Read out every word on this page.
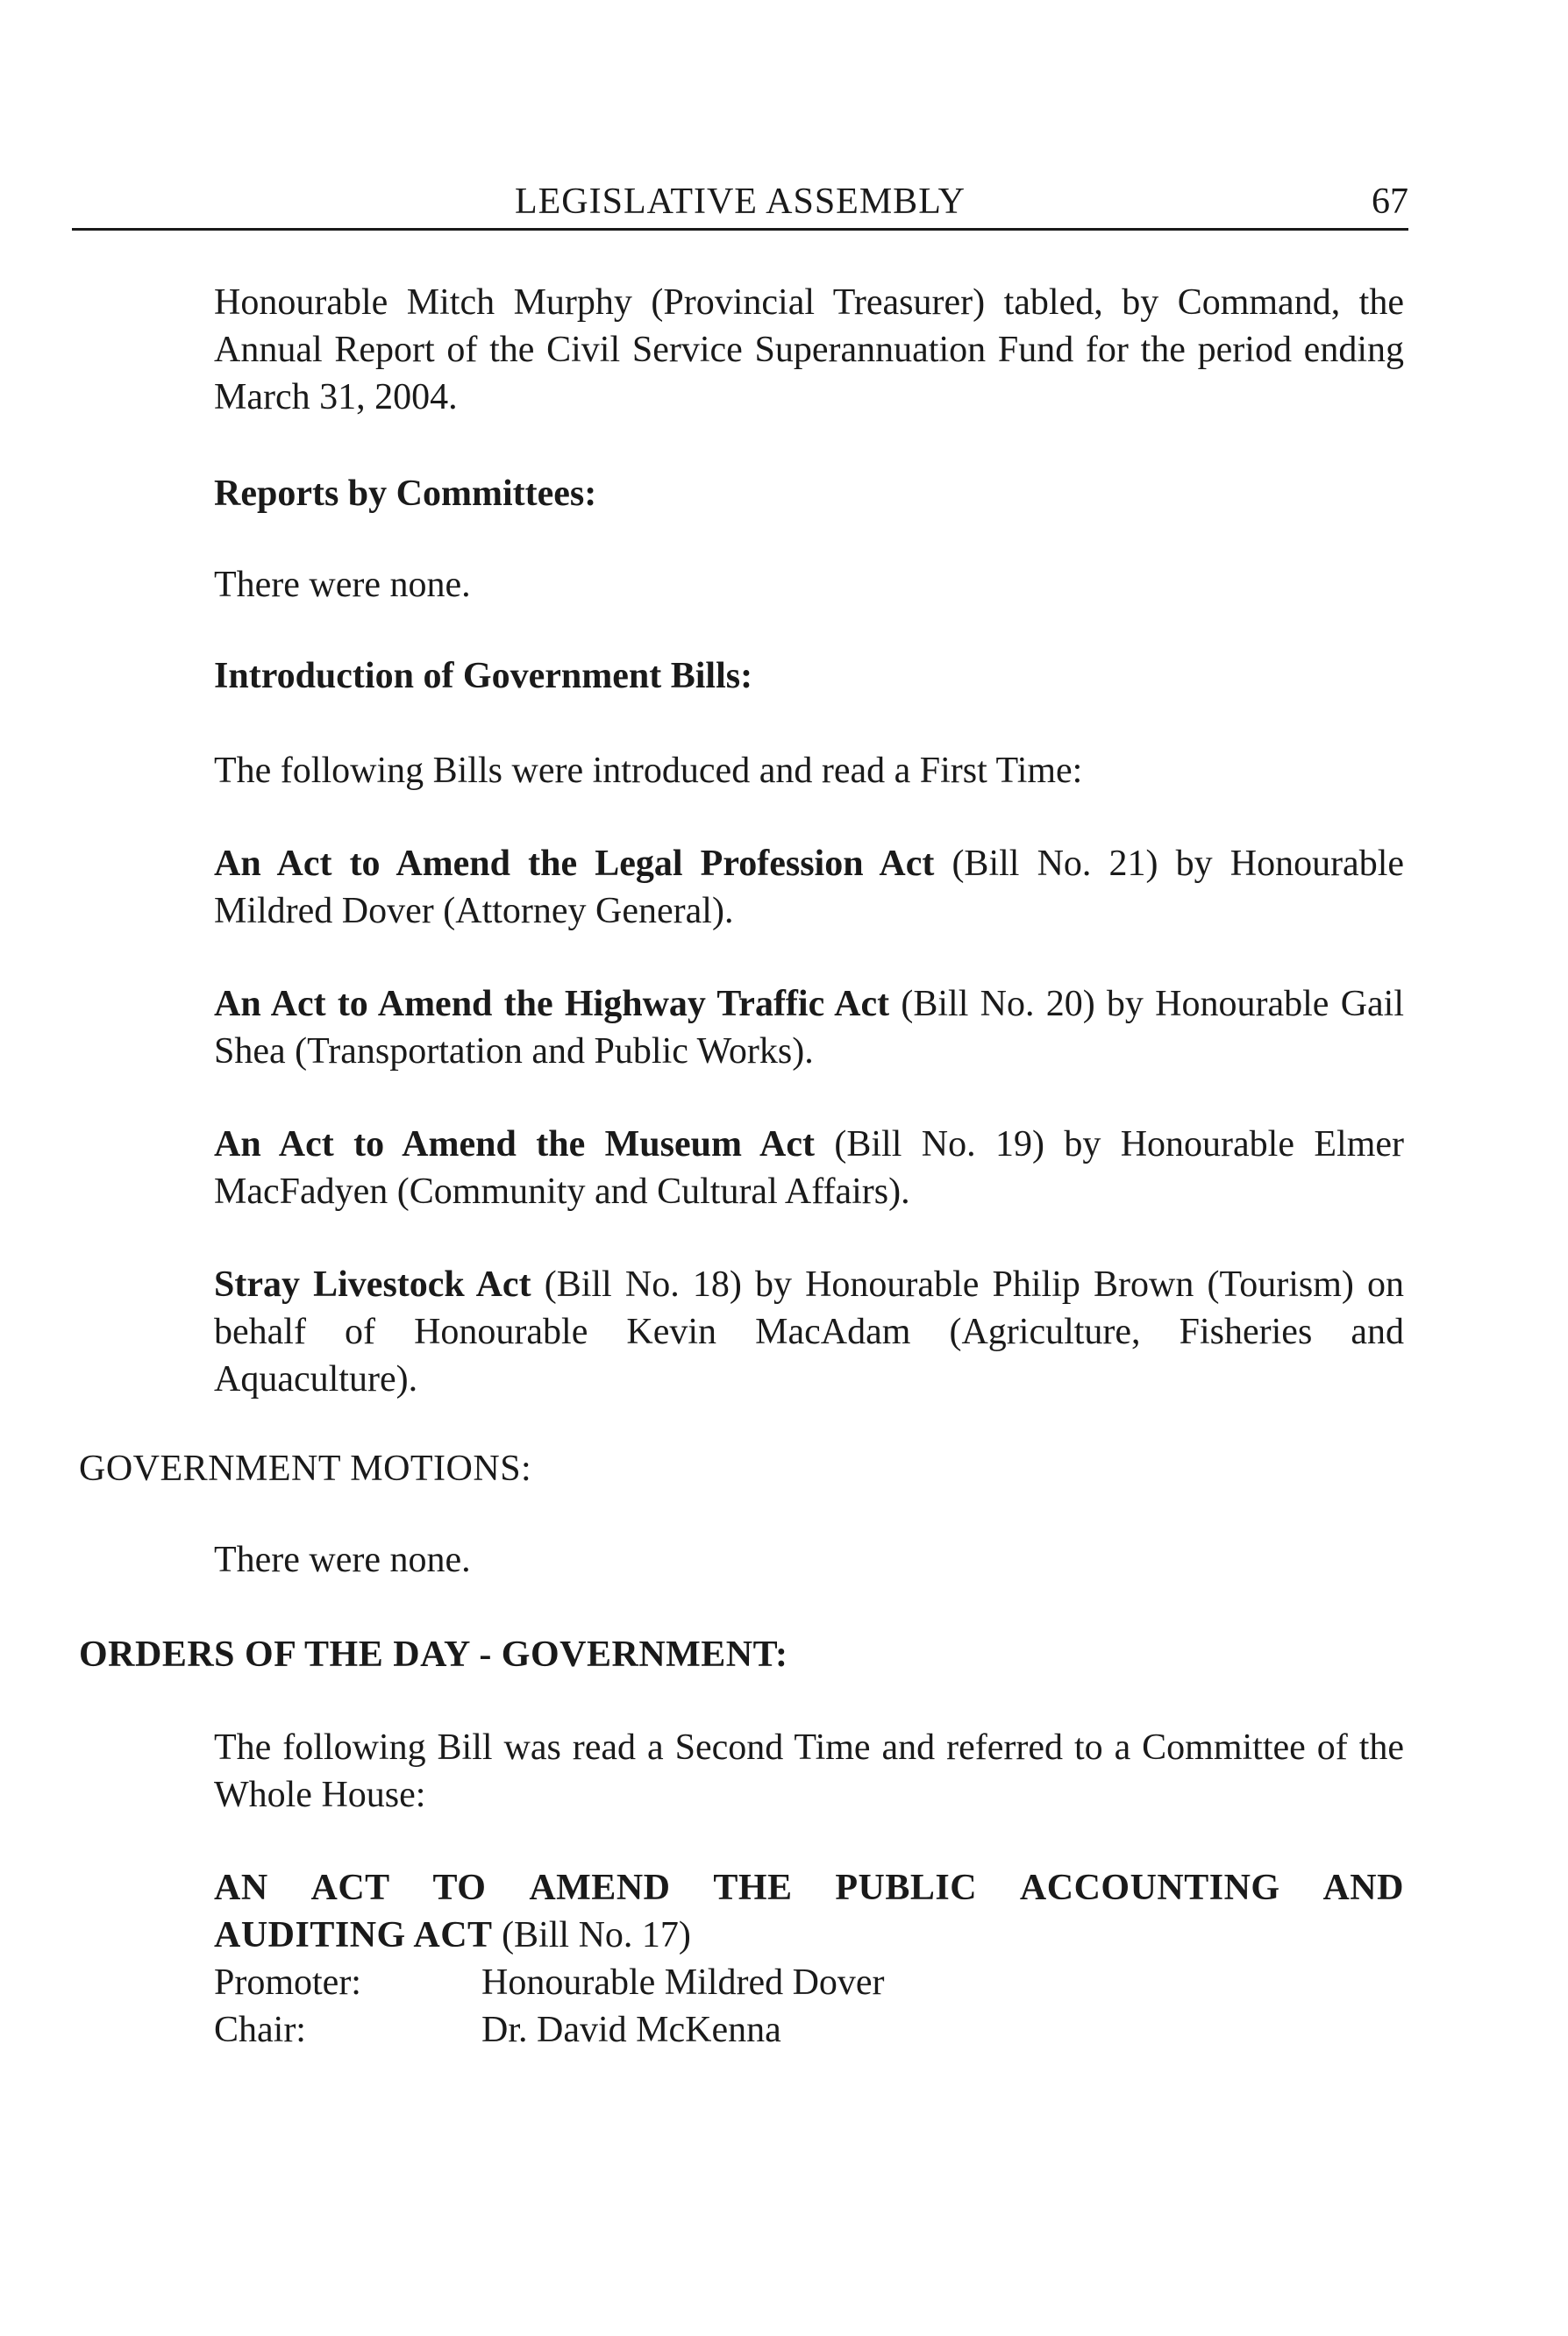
LEGISLATIVE ASSEMBLY	67
Honourable Mitch Murphy (Provincial Treasurer) tabled, by Command, the Annual Report of the Civil Service Superannuation Fund for the period ending March 31, 2004.
Reports by Committees:
There were none.
Introduction of Government Bills:
The following Bills were introduced and read a First Time:
An Act to Amend the Legal Profession Act (Bill No. 21) by Honourable Mildred Dover (Attorney General).
An Act to Amend the Highway Traffic Act (Bill No. 20) by Honourable Gail Shea (Transportation and Public Works).
An Act to Amend the Museum Act (Bill No. 19) by Honourable Elmer MacFadyen (Community and Cultural Affairs).
Stray Livestock Act (Bill No. 18) by Honourable Philip Brown (Tourism) on behalf of Honourable Kevin MacAdam (Agriculture, Fisheries and Aquaculture).
GOVERNMENT MOTIONS:
There were none.
ORDERS OF THE DAY - GOVERNMENT:
The following Bill was read a Second Time and referred to a Committee of the Whole House:
AN ACT TO AMEND THE PUBLIC ACCOUNTING AND
AUDITING ACT (Bill No. 17)
Promoter:	Honourable Mildred Dover
Chair:	Dr. David McKenna
